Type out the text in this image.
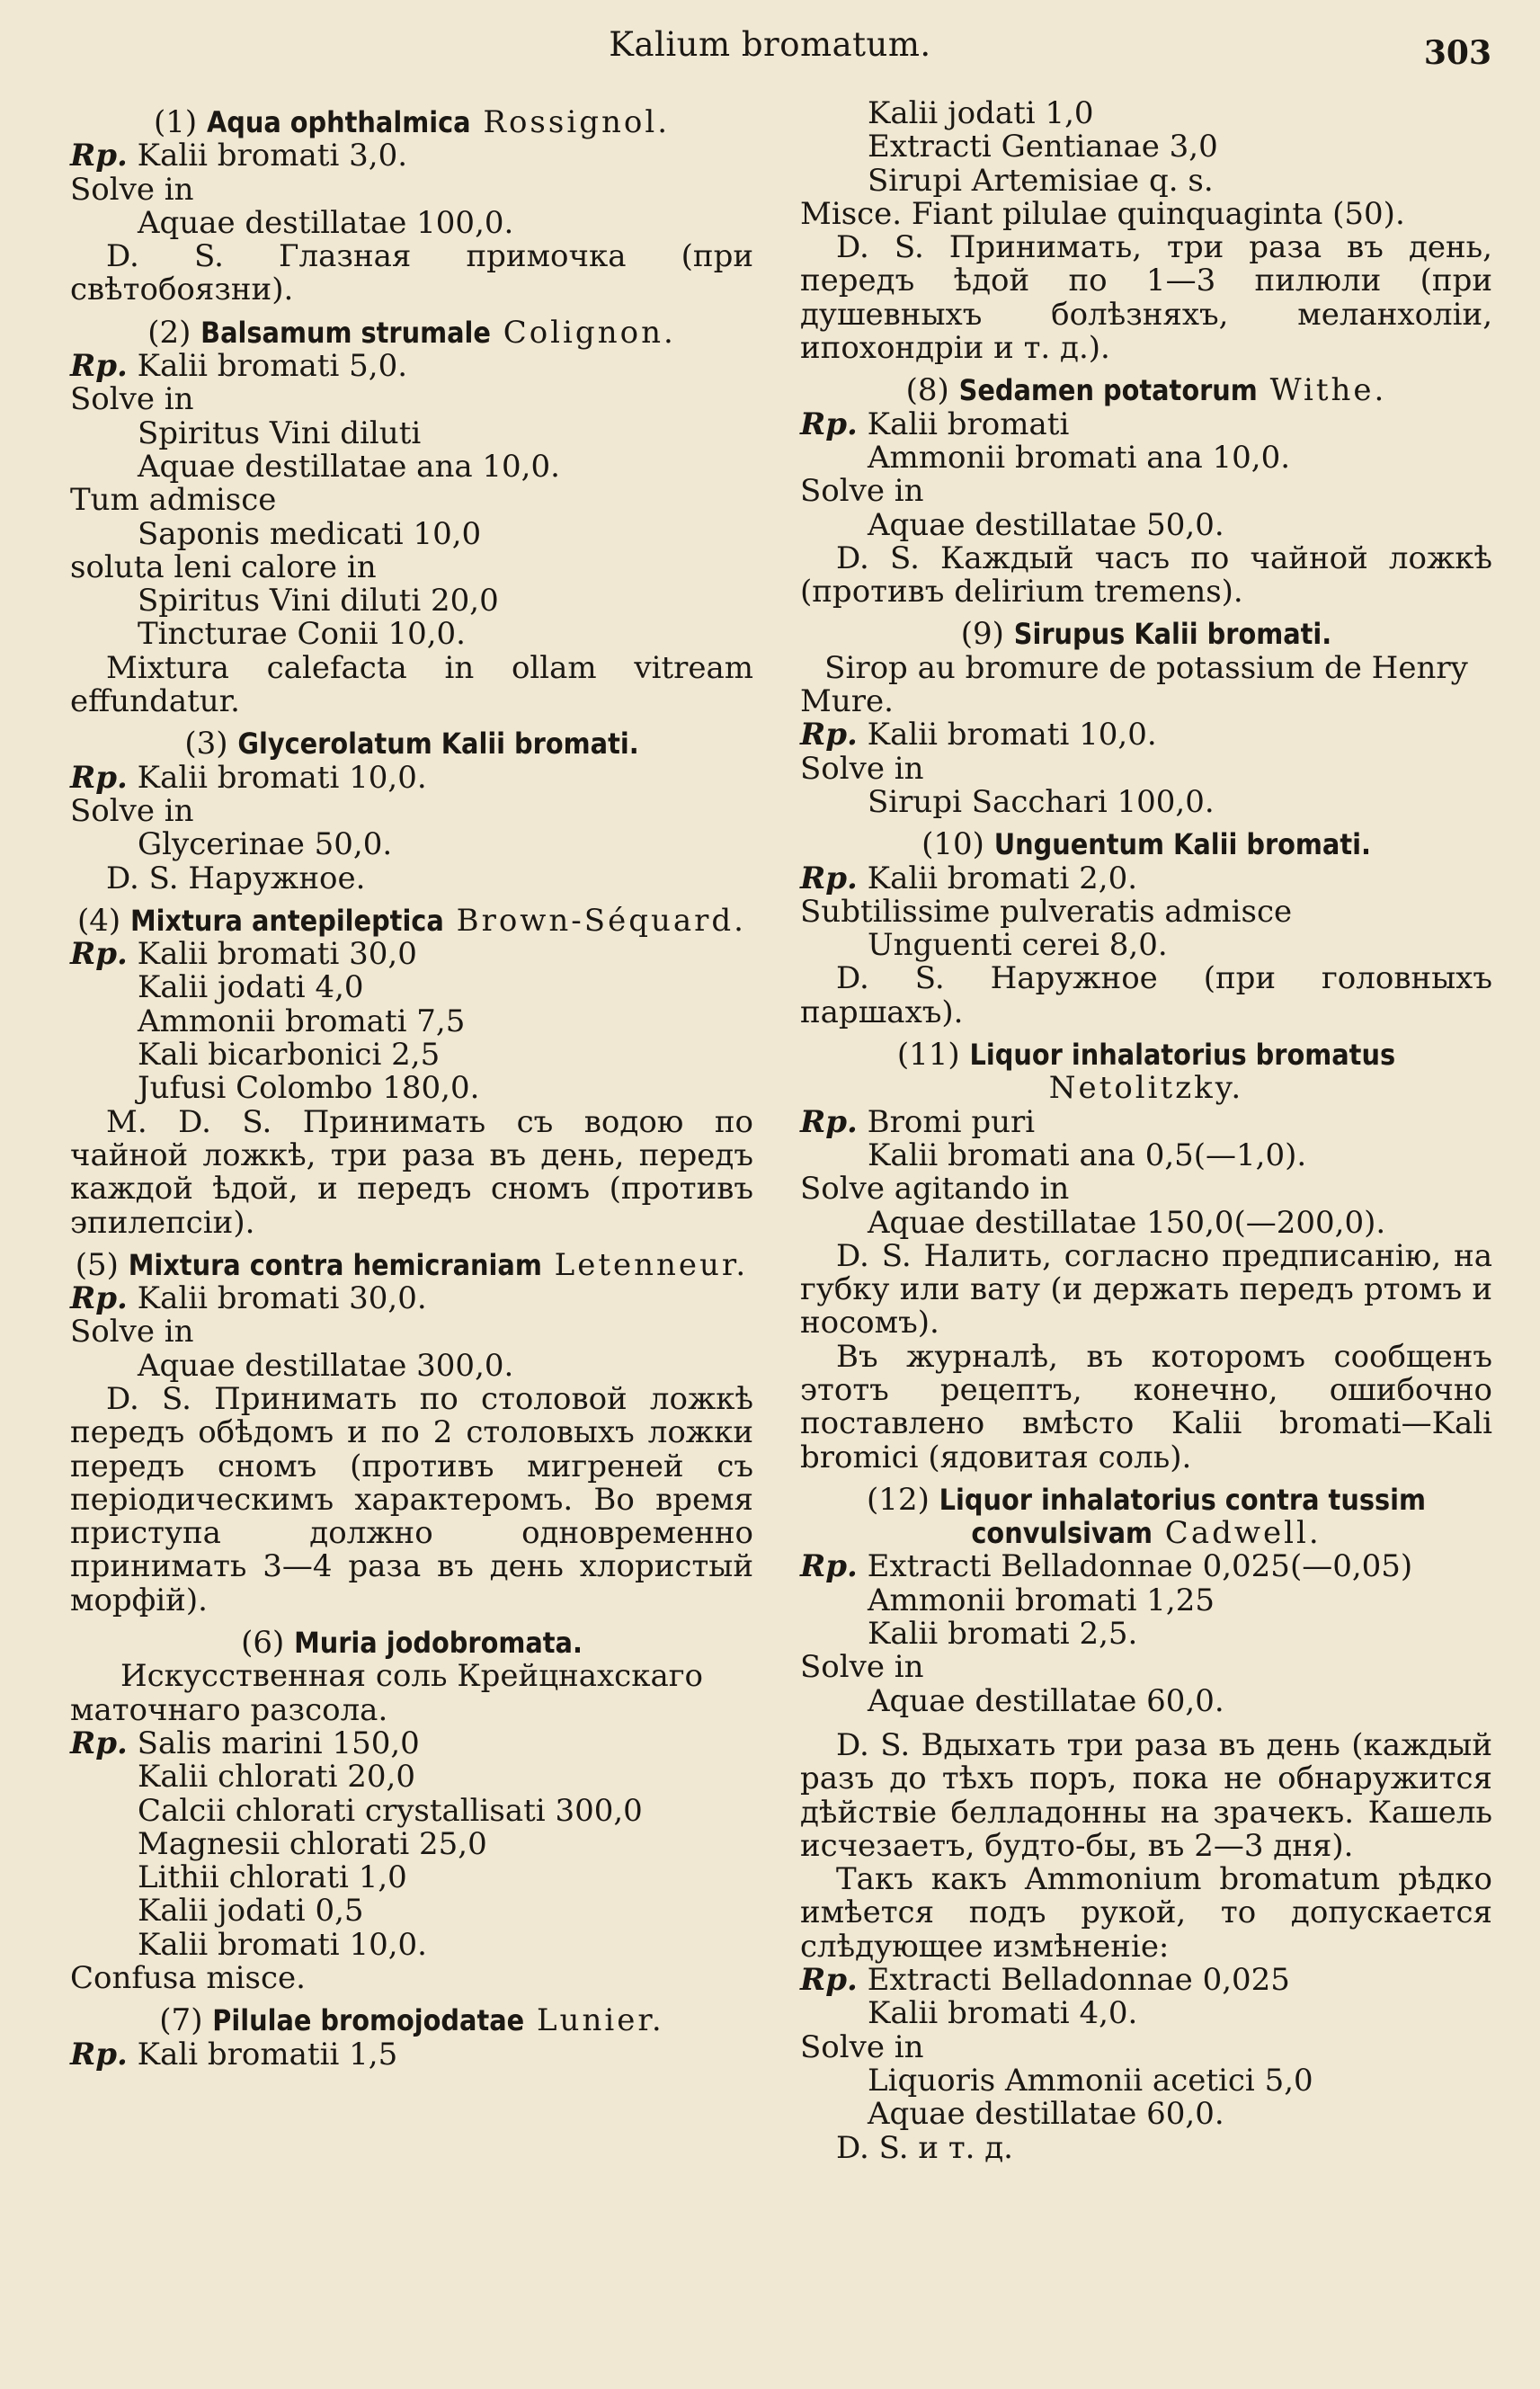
Kalium bromatum.	303
(1) Aqua ophthalmica Rossignol.
Rp. Kalii bromati 3,0.
Solve in
Aquae destillatae 100,0.
D. S. Глазная примочка (при свѣтобоязни).
(2) Balsamum strumale Colignon.
Rp. Kalii bromati 5,0.
Solve in
Spiritus Vini diluti
Aquae destillatae ana 10,0.
Tum admisce
Saponis medicati 10,0
soluta leni calore in
Spiritus Vini diluti 20,0
Tincturae Conii 10,0.
Mixtura calefacta in ollam vitream effundatur.
(3) Glycerolatum Kalii bromati.
Rp. Kalii bromati 10,0.
Solve in
Glycerinae 50,0.
D. S. Наружное.
(4) Mixtura antepileptica Brown-Séquard.
Rp. Kalii bromati 30,0
Kalii jodati 4,0
Ammonii bromati 7,5
Kali bicarbonici 2,5
Jufusi Colombo 180,0.
M. D. S. Принимать съ водою по чайной ложкѣ, три раза въ день, передъ каждой ѣдой, и передъ сномъ (противъ эпилепсіи).
(5) Mixtura contra hemicraniam Letenneur.
Rp. Kalii bromati 30,0.
Solve in
Aquae destillatae 300,0.
D. S. Принимать по столовой ложкѣ передъ обѣдомъ и по 2 столовыхъ ложки передъ сномъ (противъ мигреней съ періодическимъ характеромъ. Во время приступа должно одновременно принимать 3—4 раза въ день хлористый морфій).
(6) Muria jodobromata.
Искусственная соль Крейцнахскаго маточнаго разсола.
Rp. Salis marini 150,0
Kalii chlorati 20,0
Calcii chlorati crystallisati 300,0
Magnesii chlorati 25,0
Lithii chlorati 1,0
Kalii jodati 0,5
Kalii bromati 10,0.
Confusa misce.
(7) Pilulae bromojodatae Lunier.
Rp. Kali bromatii 1,5
Kalii jodati 1,0
Extracti Gentianae 3,0
Sirupi Artemisiae q. s.
Misce. Fiant pilulae quinquaginta (50).
D. S. Принимать, три раза въ день, передъ ѣдой по 1—3 пилюли (при душевныхъ болѣзняхъ, меланхоліи, ипохондріи и т. д.).
(8) Sedamen potatorum Withe.
Rp. Kalii bromati
Ammonii bromati ana 10,0.
Solve in
Aquae destillatae 50,0.
D. S. Каждый часъ по чайной ложкѣ (противъ delirium tremens).
(9) Sirupus Kalii bromati.
Sirop au bromure de potassium de Henry Mure.
Rp. Kalii bromati 10,0.
Solve in
Sirupi Sacchari 100,0.
(10) Unguentum Kalii bromati.
Rp. Kalii bromati 2,0.
Subtilissime pulveratis admisce
Unguenti cerei 8,0.
D. S. Наружное (при головныхъ паршахъ).
(11) Liquor inhalatorius bromatus Netolitzky.
Rp. Bromi puri
Kalii bromati ana 0,5(—1,0).
Solve agitando in
Aquae destillatae 150,0(—200,0).
D. S. Налить, согласно предписанію, на губку или вату (и держать передъ ртомъ и носомъ).
Въ журналѣ, въ которомъ сообщенъ этотъ рецептъ, конечно, ошибочно поставлено вмѣсто Kalii bromati—Kali bromici (ядовитая соль).
(12) Liquor inhalatorius contra tussim convulsivam Cadwell.
Rp. Extracti Belladonnae 0,025(—0,05)
Ammonii bromati 1,25
Kalii bromati 2,5.
Solve in
Aquae destillatae 60,0.
D. S. Вдыхать три раза въ день (каждый разъ до тѣхъ поръ, пока не обнаружится дѣйствіе белладонны на зрачекъ. Кашель исчезаетъ, будто-бы, въ 2—3 дня).
Такъ какъ Ammonium bromatum рѣдко имѣется подъ рукой, то допускается слѣдующее измѣненіе:
Rp. Extracti Belladonnae 0,025
Kalii bromati 4,0.
Solve in
Liquoris Ammonii acetici 5,0
Aquae destillatae 60,0.
D. S. и т. д.
